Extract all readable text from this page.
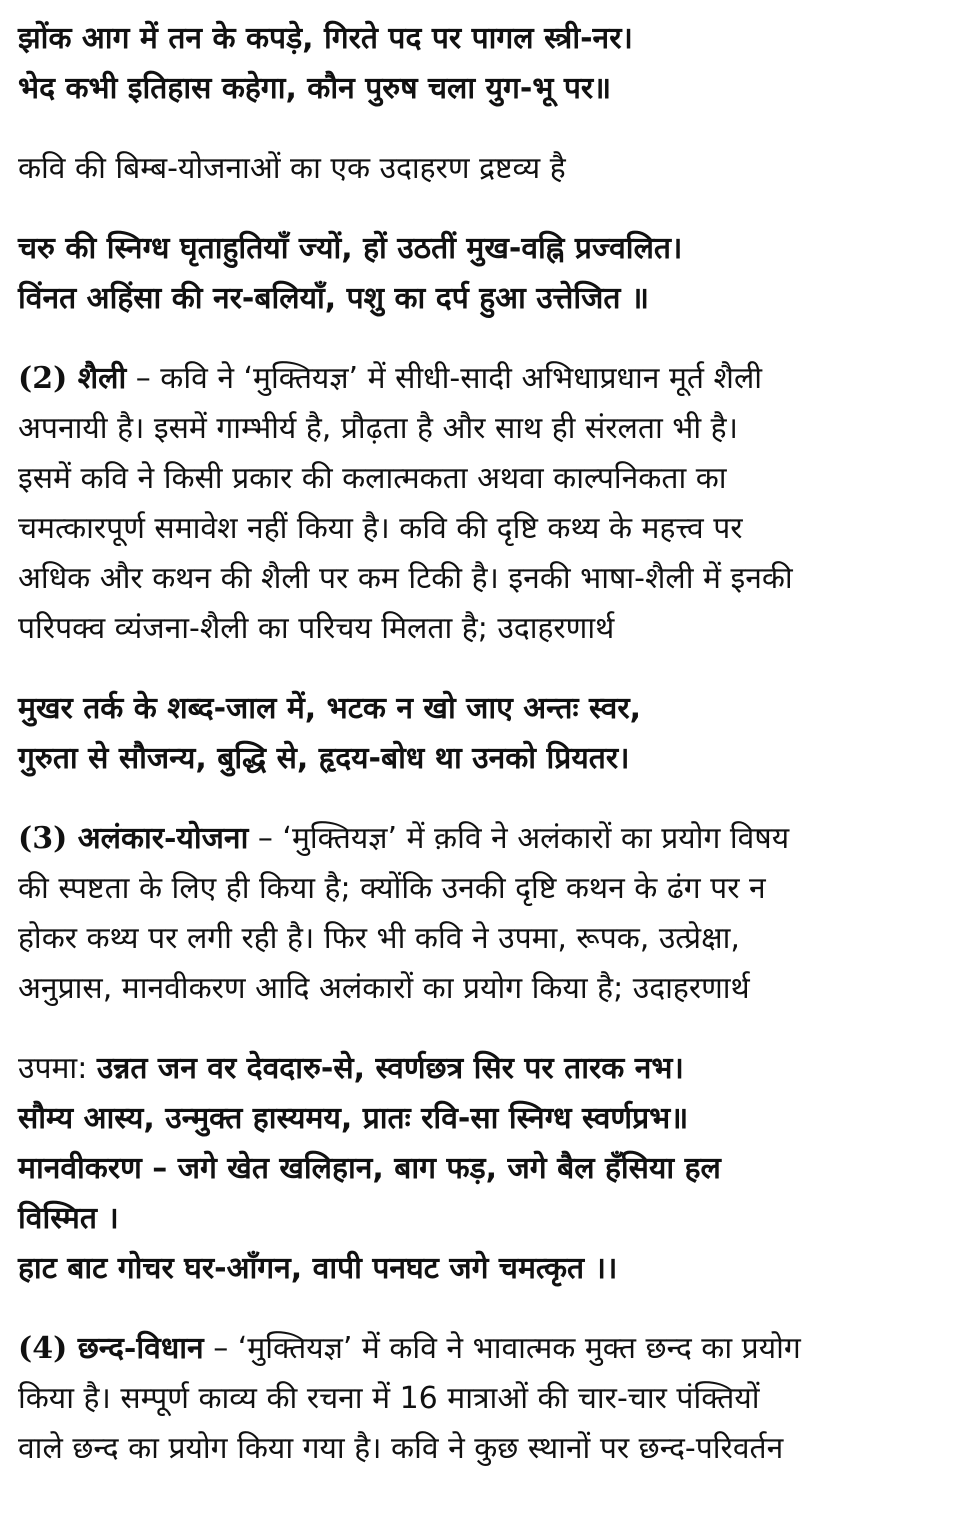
झोंक आग में तन के कपड़े, गिरते पद पर पागल स्त्री-नर।

भेद कभी इतिहास कहेगा, कौन पुरुष चला युग-भू पर॥

कवि की बिम्ब-योजनाओं का एक उदाहरण द्रष्टव्य है

चरु की स्निग्ध घृताहुतियाँ ज्यों, हों उठतीं मुख-वह्नि प्रज्वलित।

विंनत अहिंसा की नर-बलियाँ, पशु का दर्प हुआ उत्तेजित ॥

(2) शैली – कवि ने ‘मुक्तियज्ञ’ में सीधी-सादी अभिधाप्रधान मूर्त शैली

अपनायी है। इसमें गाम्भीर्य है, प्रौढ़ता है और साथ ही संरलता भी है।

इसमें कवि ने किसी प्रकार की कलात्मकता अथवा काल्पनिकता का

चमत्कारपूर्ण समावेश नहीं किया है। कवि की दृष्टि कथ्य के महत्त्व पर

अधिक और कथन की शैली पर कम टिकी है। इनकी भाषा-शैली में इनकी

परिपक्व व्यंजना-शैली का परिचय मिलता है; उदाहरणार्थ

मुखर तर्क के शब्द-जाल में, भटक न खो जाए अन्तः स्वर,

गुरुता से सौजन्य, बुद्धि से, हृदय-बोध था उनको प्रियतर।

(3) अलंकार-योजना – ‘मुक्तियज्ञ’ में क़वि ने अलंकारों का प्रयोग विषय

की स्पष्टता के लिए ही किया है; क्योंकि उनकी दृष्टि कथन के ढंग पर न

होकर कथ्य पर लगी रही है। फिर भी कवि ने उपमा, रूपक, उत्प्रेक्षा,

अनुप्रास, मानवीकरण आदि अलंकारों का प्रयोग किया है; उदाहरणार्थ

उपमा: उन्नत जन वर देवदारु-से, स्वर्णछत्र सिर पर तारक नभ।

सौम्य आस्य, उन्मुक्त हास्यमय, प्रातः रवि-सा स्निग्ध स्वर्णप्रभ॥

मानवीकरण – जगे खेत खलिहान, बाग फड़, जगे बैल हँसिया हल

विस्मित ।

हाट बाट गोचर घर-आँगन, वापी पनघट जगे चमत्कृत ।।

(4) छन्द-विधान – ‘मुक्तियज्ञ’ में कवि ने भावात्मक मुक्त छन्द का प्रयोग

किया है। सम्पूर्ण काव्य की रचना में 16 मात्राओं की चार-चार पंक्तियों

वाले छन्द का प्रयोग किया गया है। कवि ने कुछ स्थानों पर छन्द-परिवर्तन
